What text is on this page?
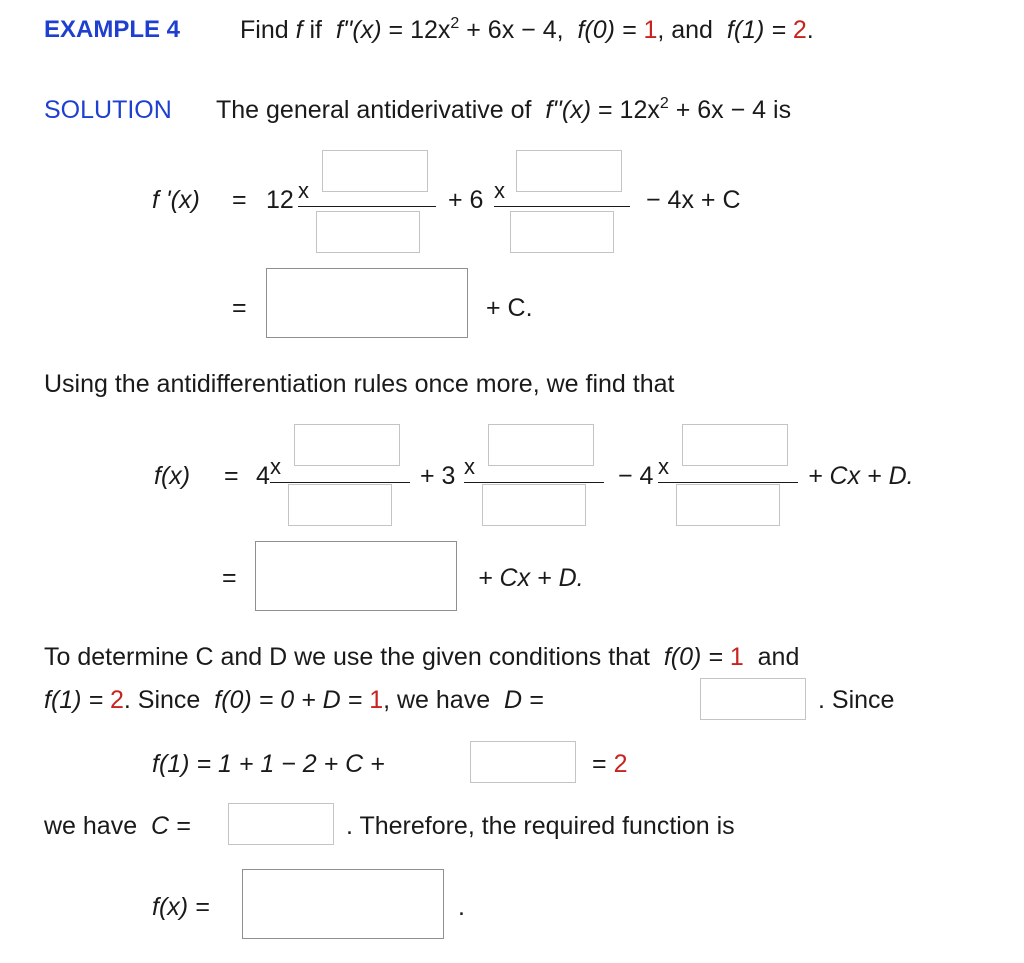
EXAMPLE 4 Find f if $f''(x) = 12x^2 + 6x - 4$, f(0) = 1, and f(1) = 2.
SOLUTION The general antiderivative of $f''(x) = 12x^2 + 6x - 4$ is
f '(x) = 12 x	+ 6 x	− 4x + C
=	+ C.
Using the antidifferentiation rules once more, we find that
f(x) = 4 x	+ 3 x	− 4 x	+ Cx + D.
=	+ Cx + D.
To determine C and D we use the given conditions that f(0) = 1 and
f(1) = 2. Since f(0) = 0 + D = 1, we have D =	. Since
f(1) = 1 + 1 − 2 + C +	= 2
we have C =	. Therefore, the required function is
f(x) =	.
